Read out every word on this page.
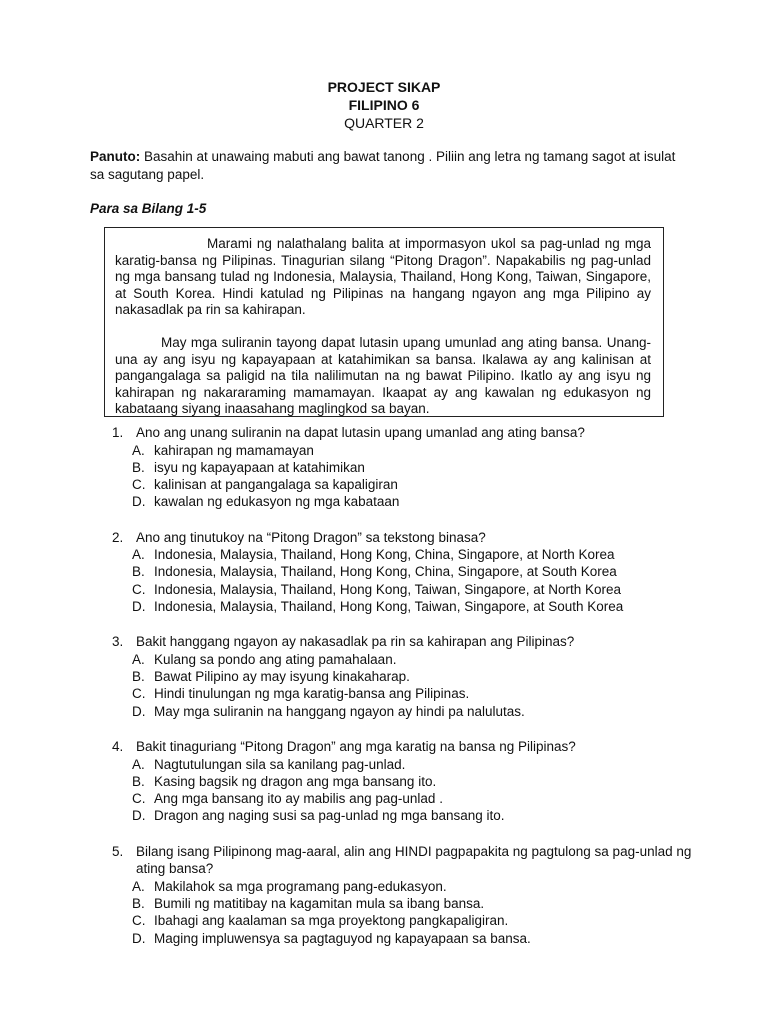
PROJECT SIKAP
FILIPINO 6
QUARTER 2
Panuto: Basahin at unawaing mabuti ang bawat tanong . Piliin ang letra ng tamang sagot at isulat sa sagutang papel.
Para sa Bilang 1-5

Marami ng nalathalang balita at impormasyon ukol sa pag-unlad ng mga karatig-bansa ng Pilipinas. Tinagurian silang “Pitong Dragon”. Napakabilis ng pag-unlad ng mga bansang tulad ng Indonesia, Malaysia, Thailand, Hong Kong, Taiwan, Singapore, at South Korea. Hindi katulad ng Pilipinas na hangang ngayon ang mga Pilipino ay nakasadlak pa rin sa kahirapan.

May mga suliranin tayong dapat lutasin upang umunlad ang ating bansa. Unang-una ay ang isyu ng kapayapaan at katahimikan sa bansa. Ikalawa ay ang kalinisan at pangangalaga sa paligid na tila nalilimutan na ng bawat Pilipino. Ikatlo ay ang isyu ng kahirapan ng nakararaming mamamayan. Ikaapat ay ang kawalan ng edukasyon ng kabataang siyang inaasahang maglingkod sa bayan.

1. Ano ang unang suliranin na dapat lutasin upang umanlad ang ating bansa?
A. kahirapan ng mamamayan
B. isyu ng kapayapaan at katahimikan
C. kalinisan at pangangalaga sa kapaligiran
D. kawalan ng edukasyon ng mga kabataan
2. Ano ang tinutukoy na “Pitong Dragon” sa tekstong binasa?
A. Indonesia, Malaysia, Thailand, Hong Kong, China, Singapore, at North Korea
B. Indonesia, Malaysia, Thailand, Hong Kong, China, Singapore, at South Korea
C. Indonesia, Malaysia, Thailand, Hong Kong, Taiwan, Singapore, at North Korea
D. Indonesia, Malaysia, Thailand, Hong Kong, Taiwan, Singapore, at South Korea
3. Bakit hanggang ngayon ay nakasadlak pa rin sa kahirapan ang Pilipinas?
A. Kulang sa pondo ang ating pamahalaan.
B. Bawat Pilipino ay may isyung kinakaharap.
C. Hindi tinulungan ng mga karatig-bansa ang Pilipinas.
D. May mga suliranin na hanggang ngayon ay hindi pa nalulutas.
4. Bakit tinaguriang “Pitong Dragon” ang mga karatig na bansa ng Pilipinas?
A. Nagtutulungan sila sa kanilang pag-unlad.
B. Kasing bagsik ng dragon ang mga bansang ito.
C. Ang mga bansang ito ay mabilis ang pag-unlad .
D. Dragon ang naging susi sa pag-unlad ng mga bansang ito.
5. Bilang isang Pilipinong mag-aaral, alin ang HINDI pagpapakita ng pagtulong sa pag-unlad ng ating bansa?
A. Makilahok sa mga programang pang-edukasyon.
B. Bumili ng matitibay na kagamitan mula sa ibang bansa.
C. Ibahagi ang kaalaman sa mga proyektong pangkapaligiran.
D. Maging impluwensya sa pagtaguyod ng kapayapaan sa bansa.
